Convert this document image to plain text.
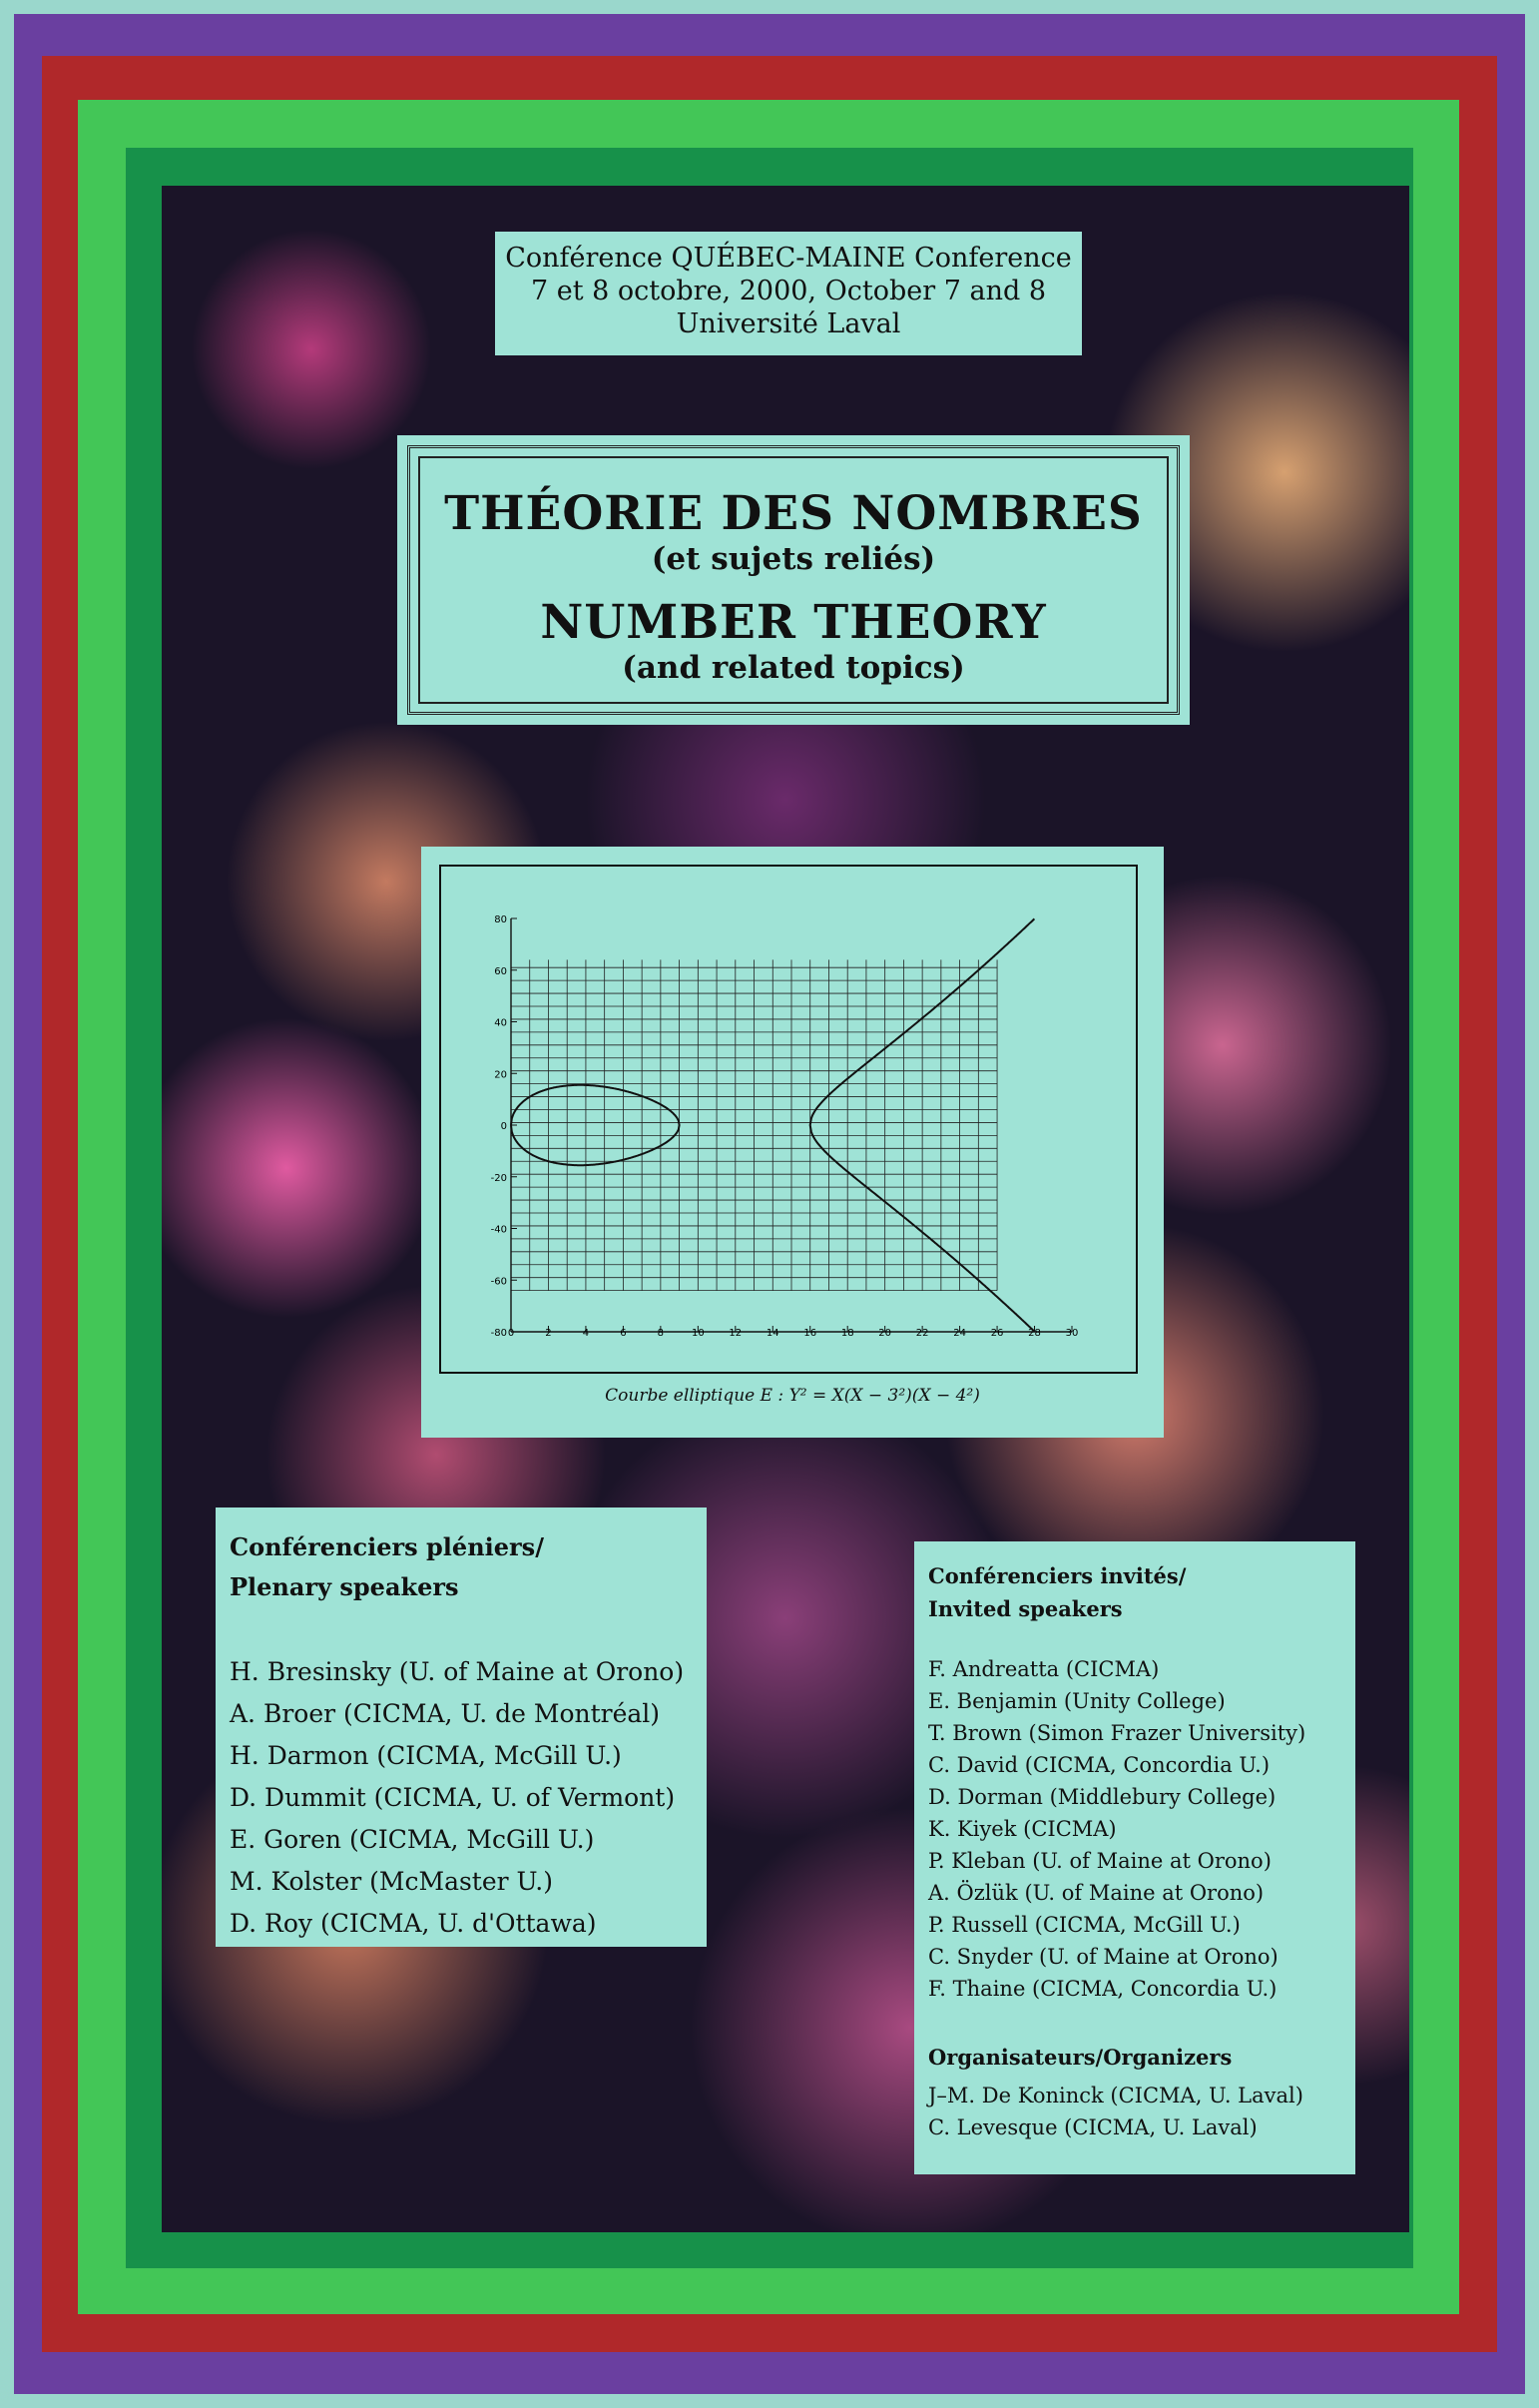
Conférence QUÉBEC-MAINE Conference
7 et 8 octobre, 2000, October 7 and 8
Université Laval
THÉORIE DES NOMBRES
(et sujets reliés)
NUMBER THEORY
(and related topics)
0	2	4	6	8	10 12 14 16 18 20 22 24 26 28 30
80
60
40
20
0
-20
-40
-60
-80
Courbe elliptique E : Y² = X(X − 3²)(X − 4²)
Conférenciers pléniers/
Plenary speakers
H. Bresinsky (U. of Maine at Orono)
A. Broer (CICMA, U. de Montréal)
H. Darmon (CICMA, McGill U.)
D. Dummit (CICMA, U. of Vermont)
E. Goren (CICMA, McGill U.)
M. Kolster (McMaster U.)
D. Roy (CICMA, U. d'Ottawa)
Conférenciers invités/
Invited speakers
F. Andreatta (CICMA)
E. Benjamin (Unity College)
T. Brown (Simon Frazer University)
C. David (CICMA, Concordia U.)
D. Dorman (Middlebury College)
K. Kiyek (CICMA)
P. Kleban (U. of Maine at Orono)
A. Özlük (U. of Maine at Orono)
P. Russell (CICMA, McGill U.)
C. Snyder (U. of Maine at Orono)
F. Thaine (CICMA, Concordia U.)
Organisateurs/Organizers
J–M. De Koninck (CICMA, U. Laval)
C. Levesque (CICMA, U. Laval)
